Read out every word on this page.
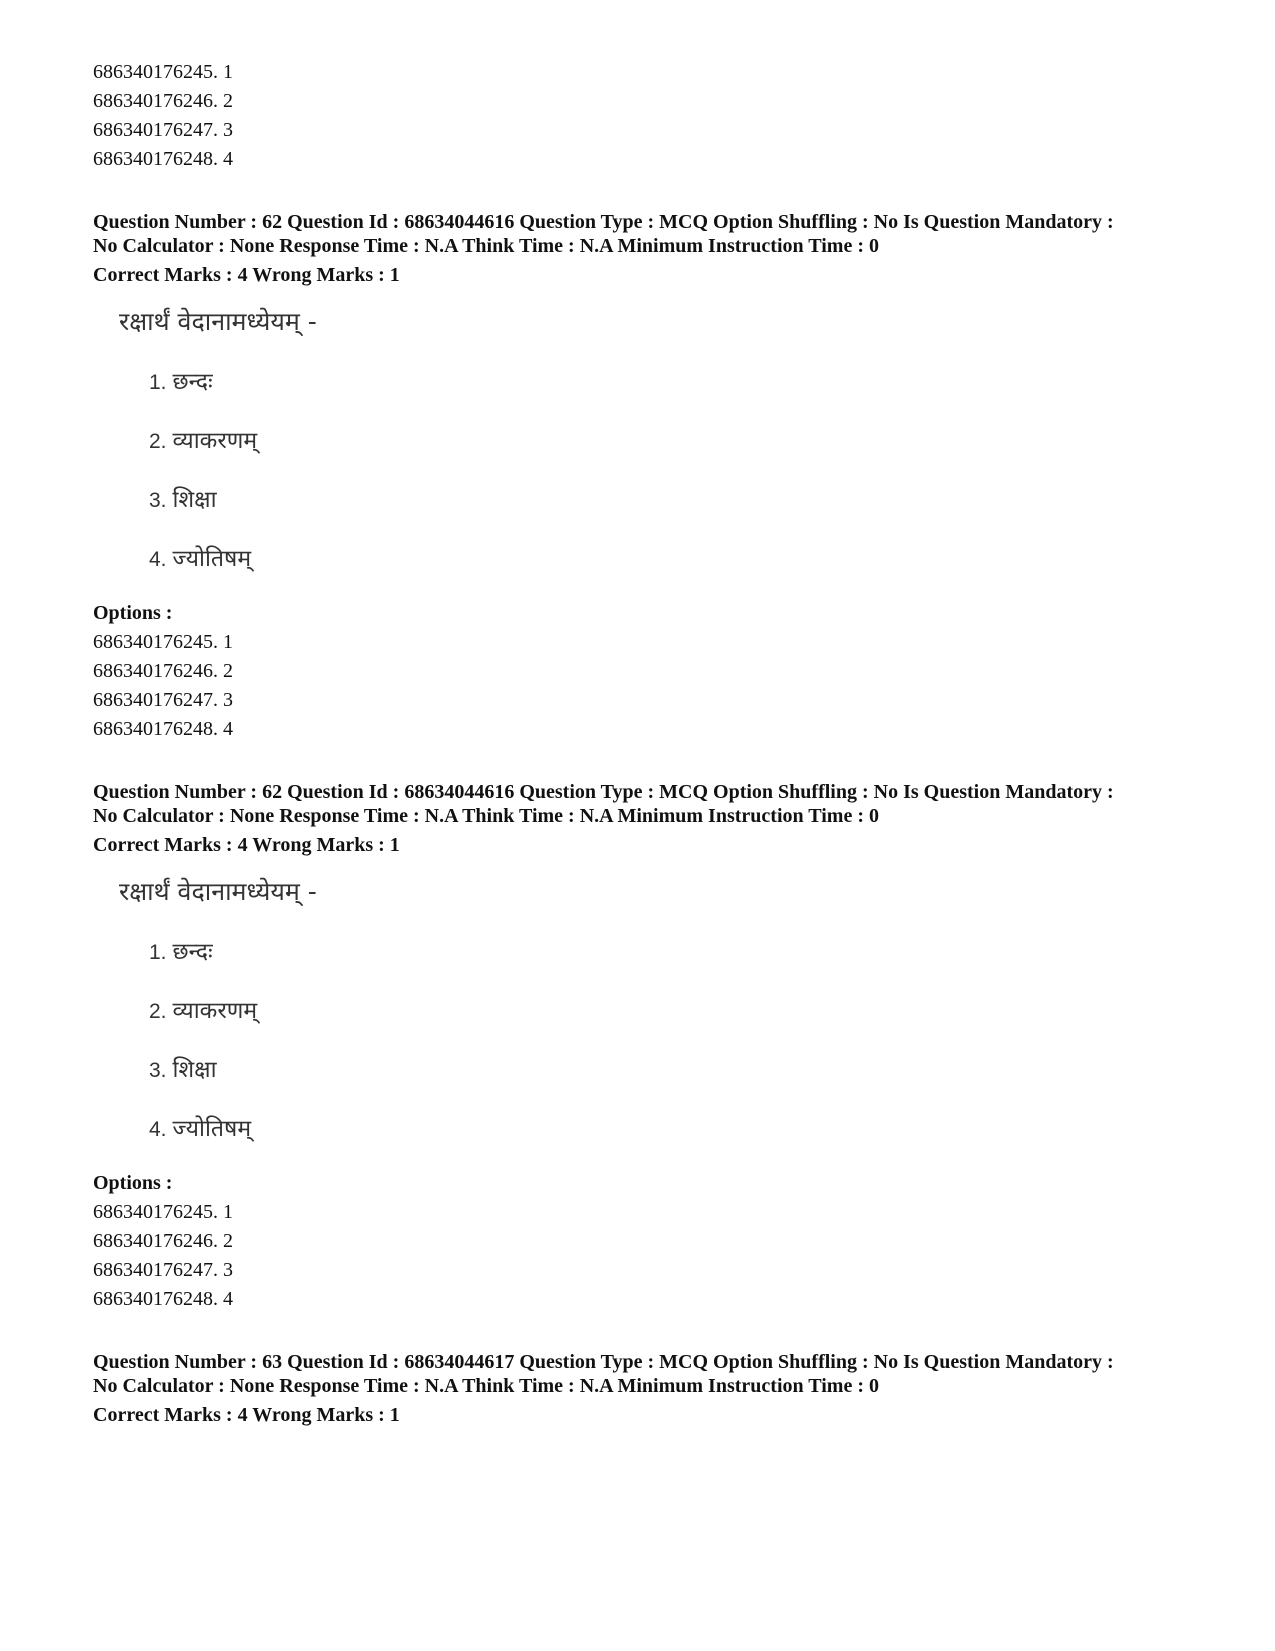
686340176245. 1
686340176246. 2
686340176247. 3
686340176248. 4
Question Number : 62 Question Id : 68634044616 Question Type : MCQ Option Shuffling : No Is Question Mandatory :
No Calculator : None Response Time : N.A Think Time : N.A Minimum Instruction Time : 0
Correct Marks : 4 Wrong Marks : 1
रक्षार्थं वेदानामध्येयम् -
1. छन्दः
2. व्याकरणम्
3. शिक्षा
4. ज्योतिषम्
Options :
686340176245. 1
686340176246. 2
686340176247. 3
686340176248. 4
Question Number : 62 Question Id : 68634044616 Question Type : MCQ Option Shuffling : No Is Question Mandatory :
No Calculator : None Response Time : N.A Think Time : N.A Minimum Instruction Time : 0
Correct Marks : 4 Wrong Marks : 1
रक्षार्थं वेदानामध्येयम् -
1. छन्दः
2. व्याकरणम्
3. शिक्षा
4. ज्योतिषम्
Options :
686340176245. 1
686340176246. 2
686340176247. 3
686340176248. 4
Question Number : 63 Question Id : 68634044617 Question Type : MCQ Option Shuffling : No Is Question Mandatory :
No Calculator : None Response Time : N.A Think Time : N.A Minimum Instruction Time : 0
Correct Marks : 4 Wrong Marks : 1
